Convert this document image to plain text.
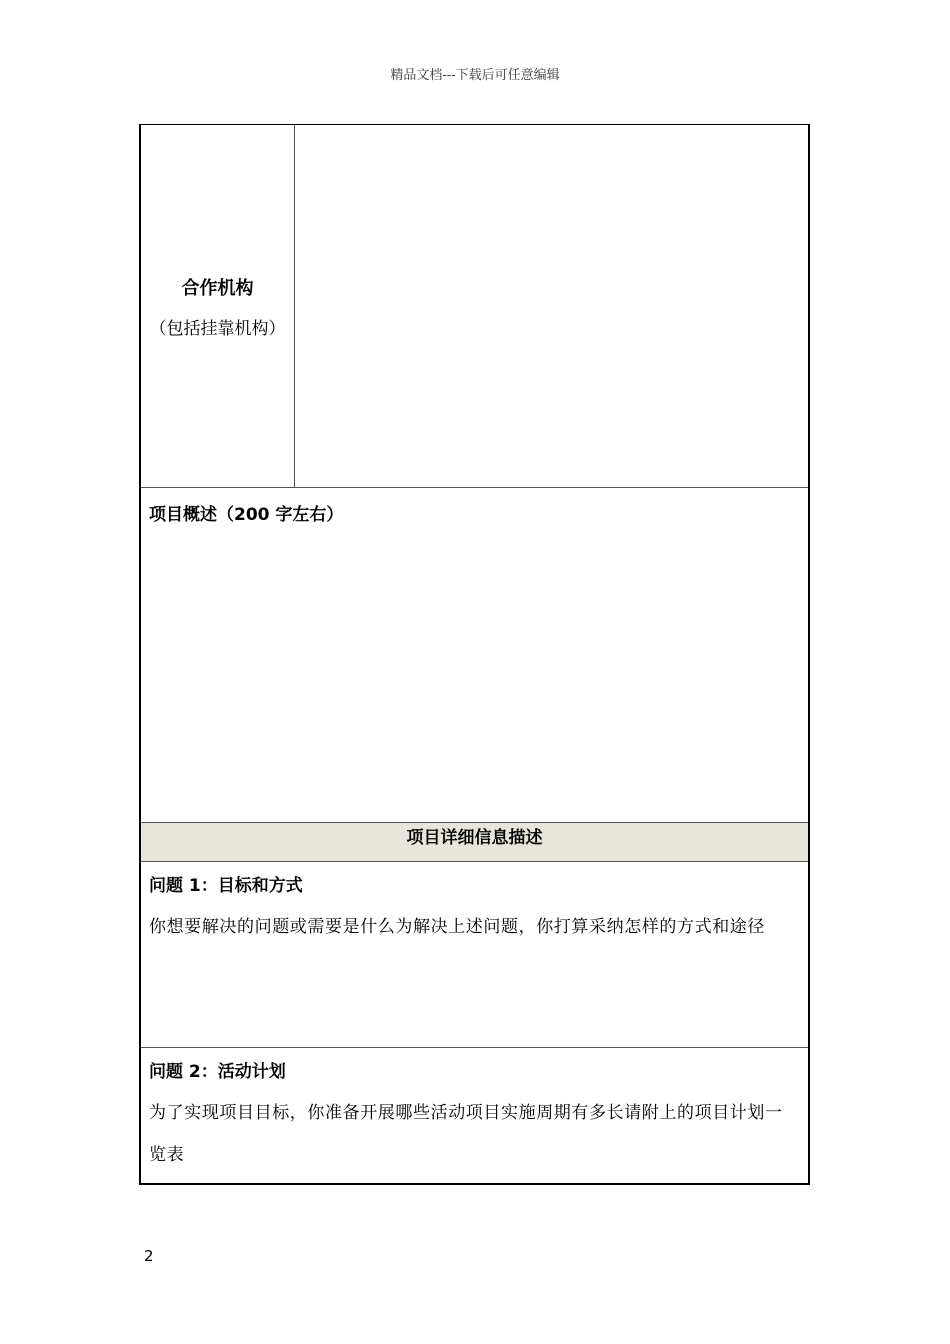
精品文档---下载后可任意编辑
合作机构
（包括挂靠机构）
项目概述（200 字左右）
项目详细信息描述
问题 1：目标和方式
你想要解决的问题或需要是什么为解决上述问题，你打算采纳怎样的方式和途径
问题 2：活动计划
为了实现项目目标，你准备开展哪些活动项目实施周期有多长请附上的项目计划一览表
2
